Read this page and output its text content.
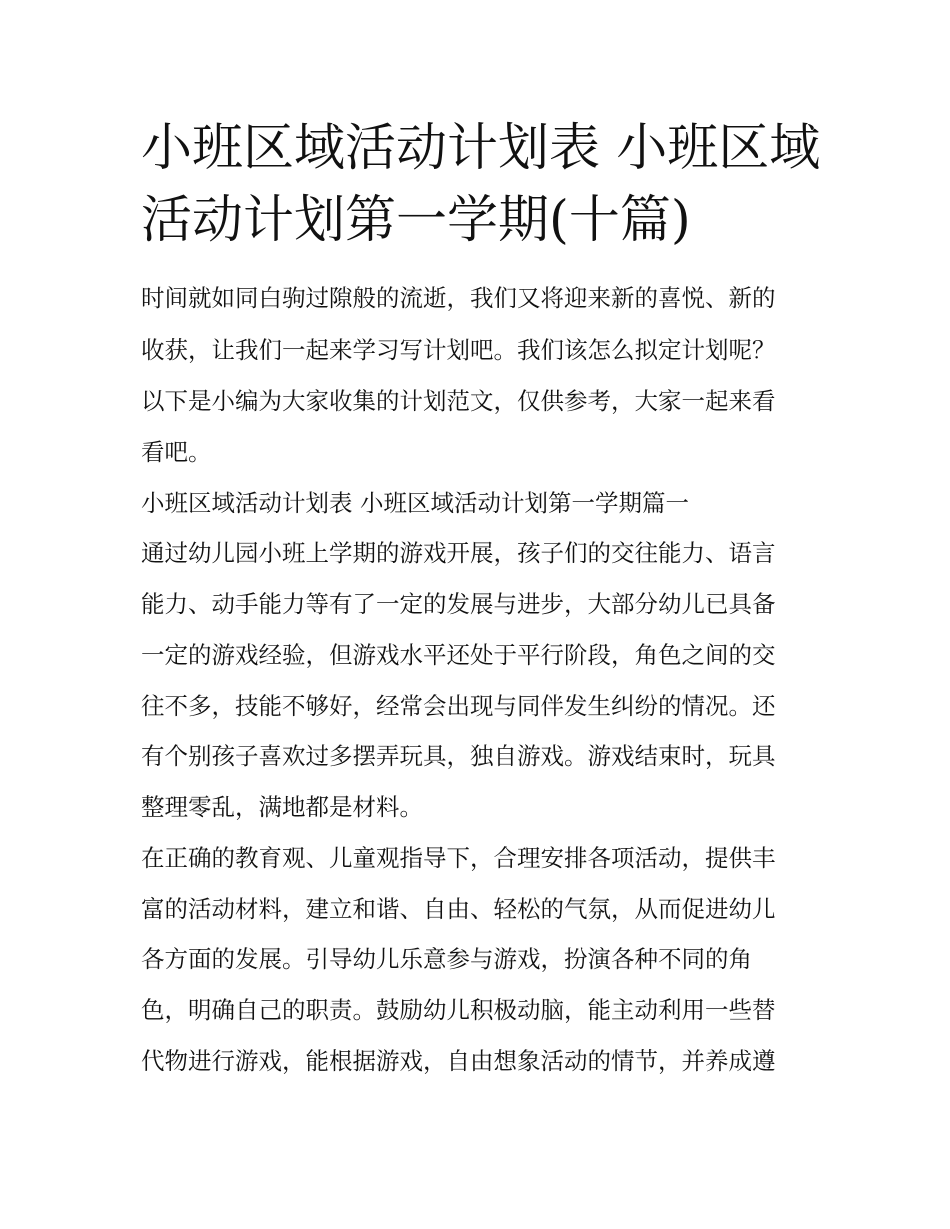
小班区域活动计划表 小班区域
活动计划第一学期(十篇)

时间就如同白驹过隙般的流逝，我们又将迎来新的喜悦、新的

收获，让我们一起来学习写计划吧。我们该怎么拟定计划呢？

以下是小编为大家收集的计划范文，仅供参考，大家一起来看

看吧。

小班区域活动计划表 小班区域活动计划第一学期篇一

通过幼儿园小班上学期的游戏开展，孩子们的交往能力、语言

能力、动手能力等有了一定的发展与进步，大部分幼儿已具备

一定的游戏经验，但游戏水平还处于平行阶段，角色之间的交

往不多，技能不够好，经常会出现与同伴发生纠纷的情况。还

有个别孩子喜欢过多摆弄玩具，独自游戏。游戏结束时，玩具

整理零乱，满地都是材料。

在正确的教育观、儿童观指导下，合理安排各项活动，提供丰

富的活动材料，建立和谐、自由、轻松的气氛，从而促进幼儿

各方面的发展。引导幼儿乐意参与游戏，扮演各种不同的角

色，明确自己的职责。鼓励幼儿积极动脑，能主动利用一些替

代物进行游戏，能根据游戏，自由想象活动的情节，并养成遵
